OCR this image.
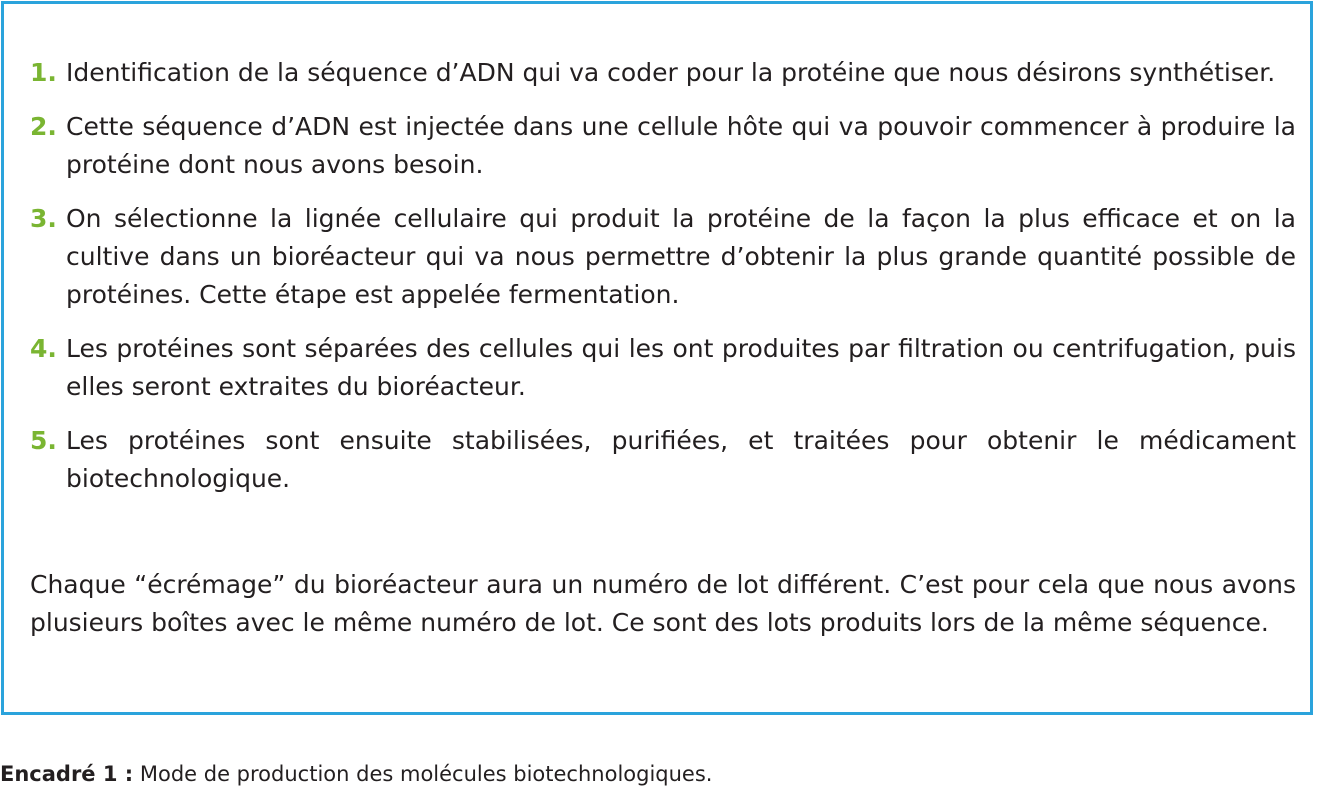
1. Identification de la séquence d’ADN qui va coder pour la protéine que nous désirons synthétiser.
2. Cette séquence d’ADN est injectée dans une cellule hôte qui va pouvoir commencer à produire la protéine dont nous avons besoin.
3. On sélectionne la lignée cellulaire qui produit la protéine de la façon la plus efficace et on la cultive dans un bioréacteur qui va nous permettre d’obtenir la plus grande quantité possible de protéines. Cette étape est appelée fermentation.
4. Les protéines sont séparées des cellules qui les ont produites par filtration ou centrifugation, puis elles seront extraites du bioréacteur.
5. Les protéines sont ensuite stabilisées, purifiées, et traitées pour obtenir le médicament biotechnologique.

Chaque “écrémage” du bioréacteur aura un numéro de lot différent. C’est pour cela que nous avons plusieurs boîtes avec le même numéro de lot. Ce sont des lots produits lors de la même séquence.

Encadré 1 : Mode de production des molécules biotechnologiques.
